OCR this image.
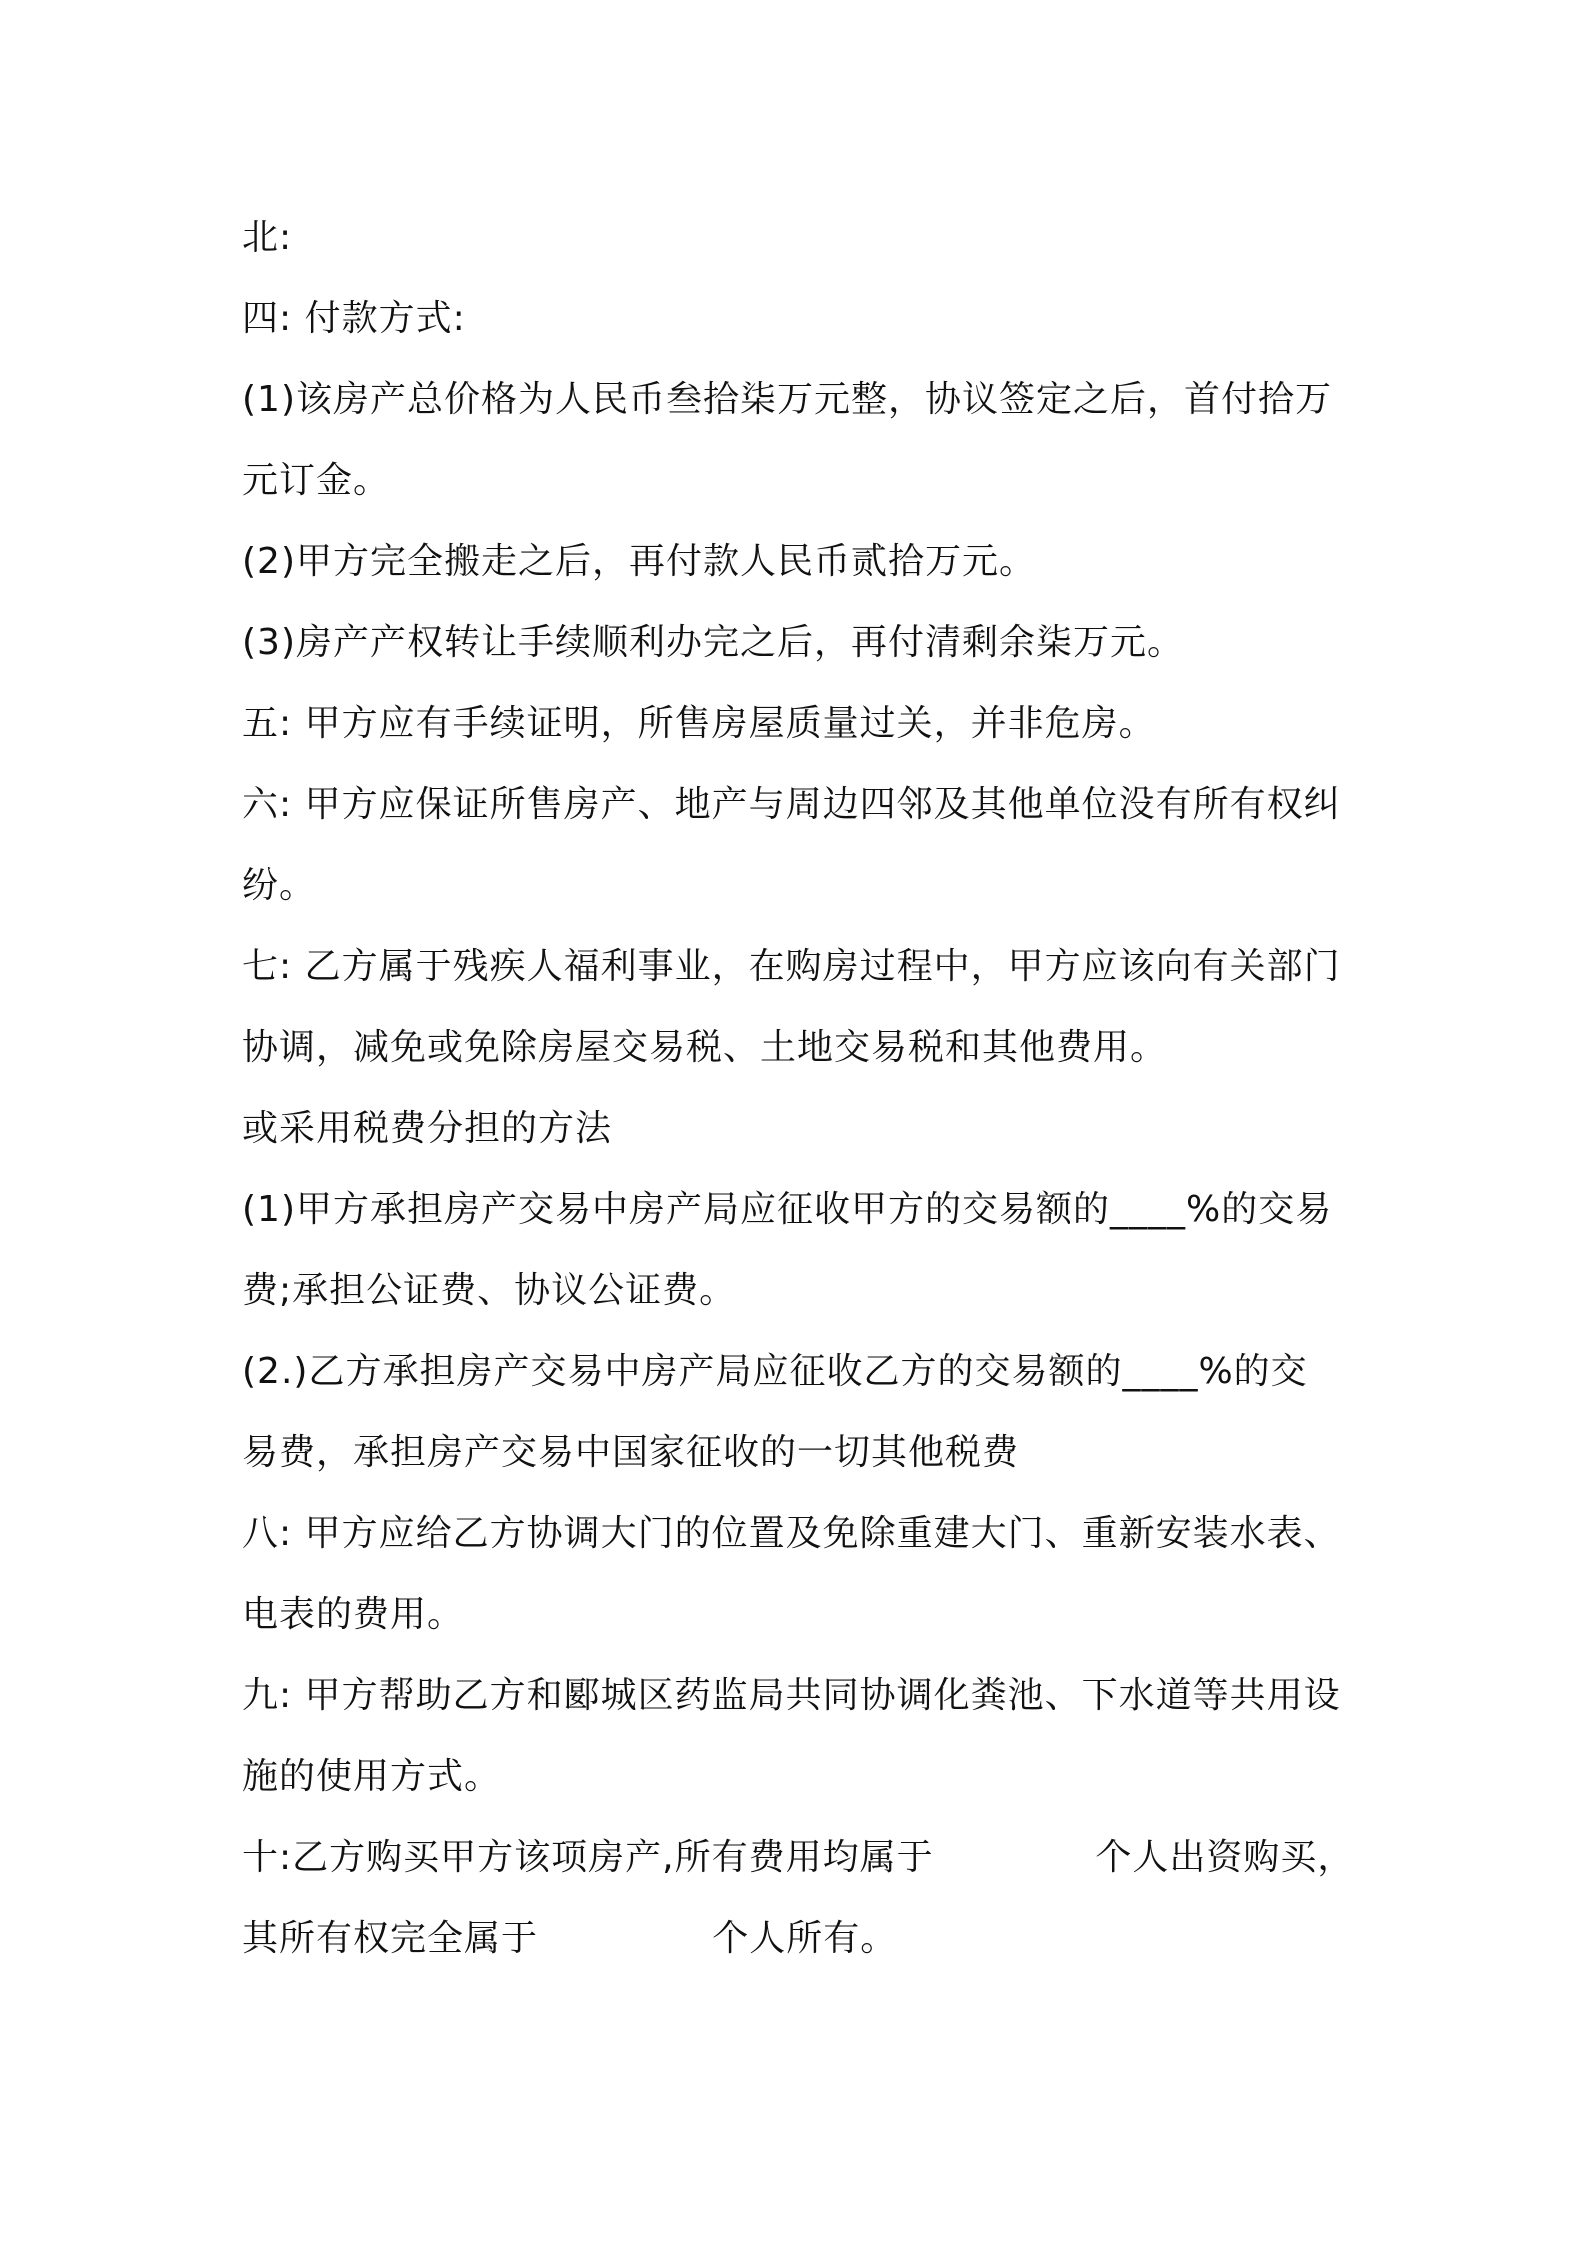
北:
四: 付款方式:
(1)该房产总价格为人民币叁拾柒万元整，协议签定之后，首付拾万
元订金。
(2)甲方完全搬走之后，再付款人民币贰拾万元。
(3)房产产权转让手续顺利办完之后，再付清剩余柒万元。
五: 甲方应有手续证明，所售房屋质量过关，并非危房。
六: 甲方应保证所售房产、地产与周边四邻及其他单位没有所有权纠
纷。
七: 乙方属于残疾人福利事业，在购房过程中，甲方应该向有关部门
协调，减免或免除房屋交易税、土地交易税和其他费用。
或采用税费分担的方法
(1)甲方承担房产交易中房产局应征收甲方的交易额的____%的交易
费;承担公证费、协议公证费。
(2.)乙方承担房产交易中房产局应征收乙方的交易额的____%的交
易费，承担房产交易中国家征收的一切其他税费
八: 甲方应给乙方协调大门的位置及免除重建大门、重新安装水表、
电表的费用。
九: 甲方帮助乙方和郾城区药监局共同协调化粪池、下水道等共用设
施的使用方式。
十:乙方购买甲方该项房产,所有费用均属于             个人出资购买，
其所有权完全属于              个人所有。
